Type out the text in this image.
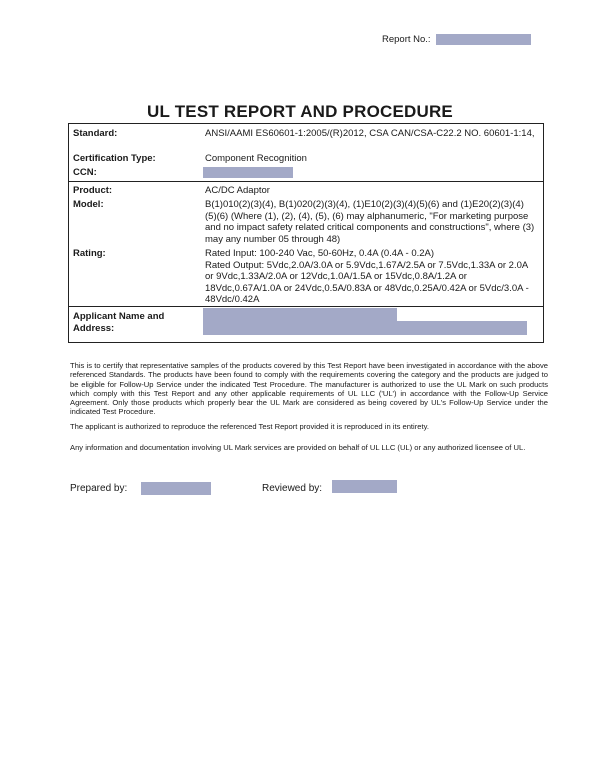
Report No.:
UL TEST REPORT AND PROCEDURE
Standard:	ANSI/AAMI ES60601-1:2005/(R)2012, CSA CAN/CSA-C22.2 NO. 60601-1:14,
Certification Type:	Component Recognition
CCN:
Product:	AC/DC Adaptor
Model:	B(1)010(2)(3)(4), B(1)020(2)(3)(4), (1)E10(2)(3)(4)(5)(6) and (1)E20(2)(3)(4)(5)(6) (Where (1), (2), (4), (5), (6) may alphanumeric, "For marketing purpose and no impact safety related critical components and constructions", where (3) may any number 05 through 48)
Rating:	Rated Input: 100-240 Vac, 50-60Hz, 0.4A (0.4A - 0.2A)
Rated Output: 5Vdc,2.0A/3.0A or 5.9Vdc,1.67A/2.5A or 7.5Vdc,1.33A or 2.0A or 9Vdc,1.33A/2.0A or 12Vdc,1.0A/1.5A or 15Vdc,0.8A/1.2A or 18Vdc,0.67A/1.0A or 24Vdc,0.5A/0.83A or 48Vdc,0.25A/0.42A or 5Vdc/3.0A - 48Vdc/0.42A
Applicant Name and Address:
This is to certify that representative samples of the products covered by this Test Report have been investigated in accordance with the above referenced Standards. The products have been found to comply with the requirements covering the category and the products are judged to be eligible for Follow-Up Service under the indicated Test Procedure. The manufacturer is authorized to use the UL Mark on such products which comply with this Test Report and any other applicable requirements of UL LLC ('UL') in accordance with the Follow-Up Service Agreement. Only those products which properly bear the UL Mark are considered as being covered by UL's Follow-Up Service under the indicated Test Procedure.
The applicant is authorized to reproduce the referenced Test Report provided it is reproduced in its entirety.
Any information and documentation involving UL Mark services are provided on behalf of UL LLC (UL) or any authorized licensee of UL.
Prepared by:	Reviewed by:
